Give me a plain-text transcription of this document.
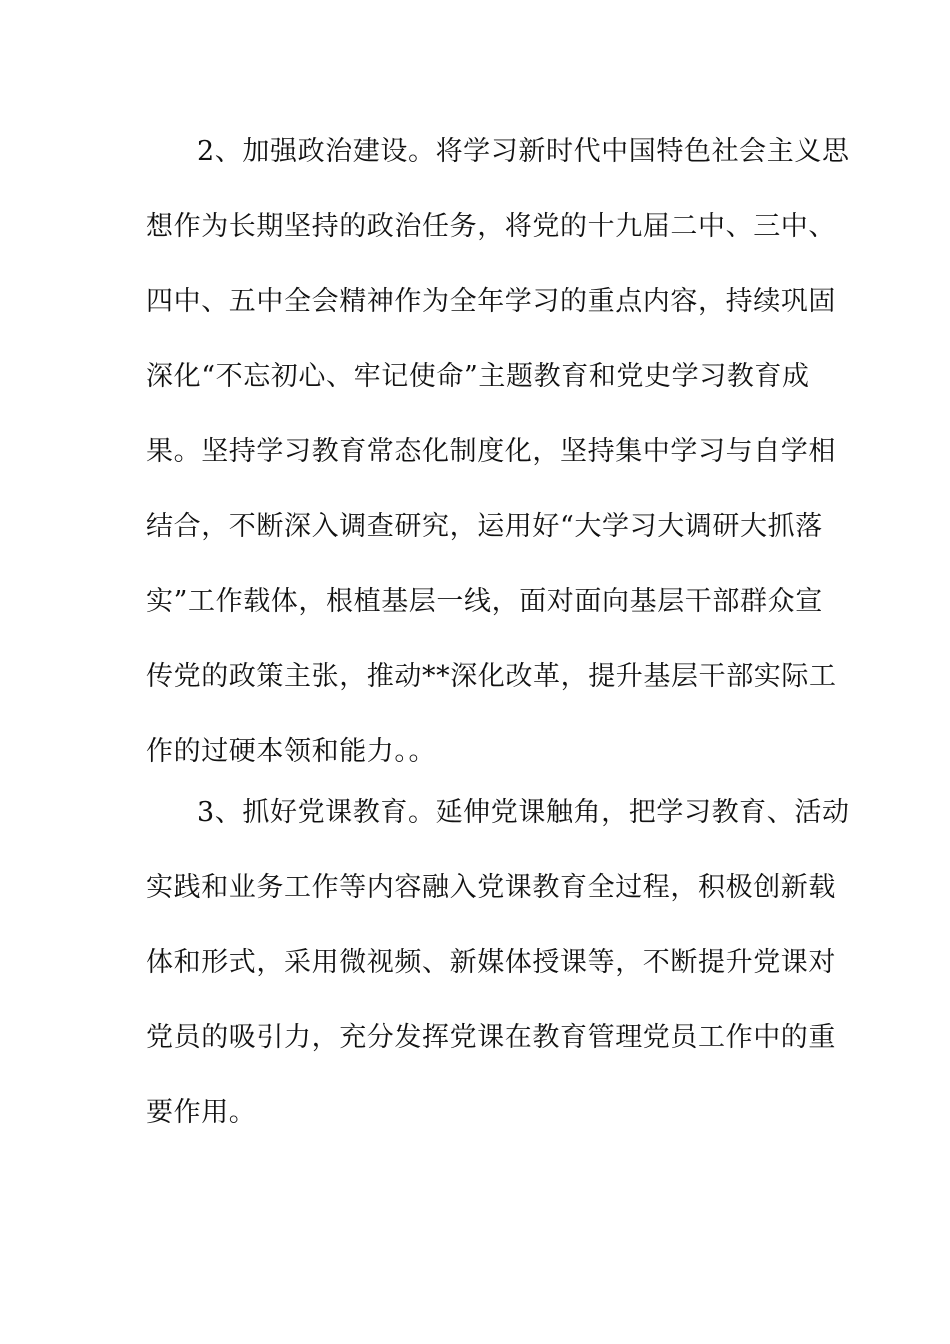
2、加强政治建设。将学习新时代中国特色社会主义思

想作为长期坚持的政治任务，将党的十九届二中、三中、

四中、五中全会精神作为全年学习的重点内容，持续巩固

深化“不忘初心、牢记使命”主题教育和党史学习教育成

果。坚持学习教育常态化制度化，坚持集中学习与自学相

结合，不断深入调查研究，运用好“大学习大调研大抓落

实”工作载体，根植基层一线，面对面向基层干部群众宣

传党的政策主张，推动**深化改革，提升基层干部实际工

作的过硬本领和能力。。

3、抓好党课教育。延伸党课触角，把学习教育、活动

实践和业务工作等内容融入党课教育全过程，积极创新载

体和形式，采用微视频、新媒体授课等，不断提升党课对

党员的吸引力，充分发挥党课在教育管理党员工作中的重

要作用。
